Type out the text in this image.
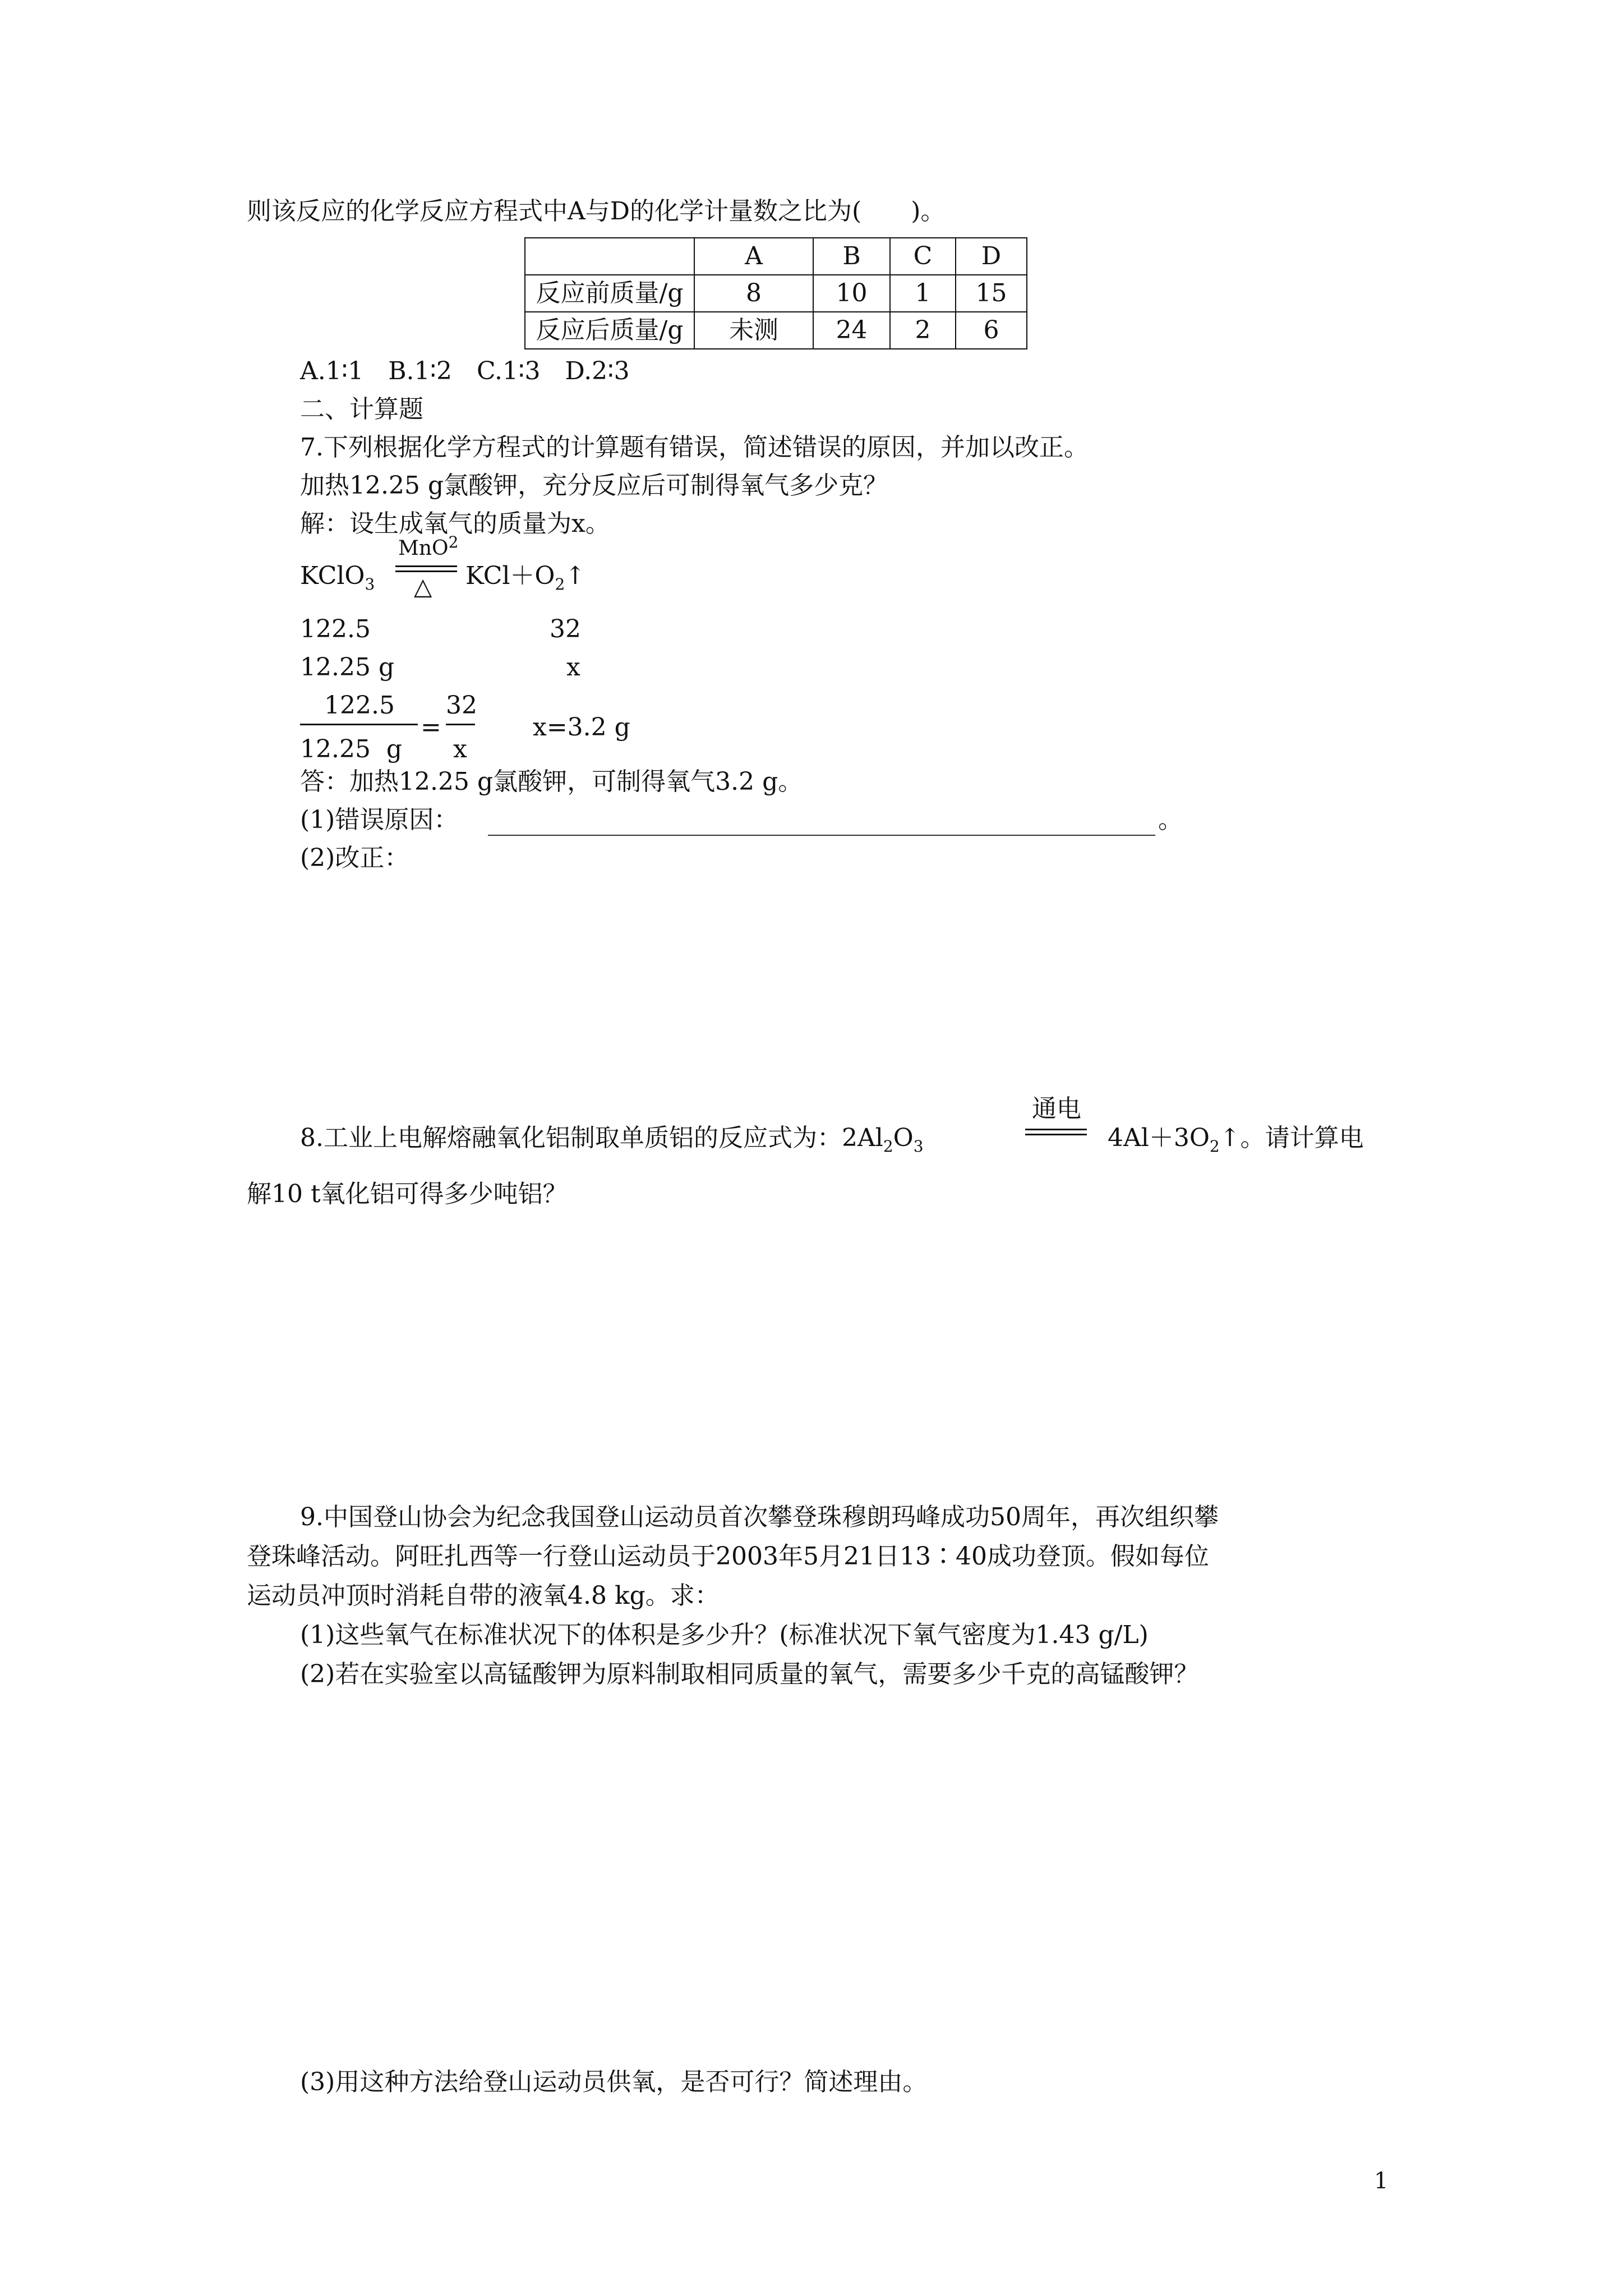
则该反应的化学反应方程式中A与D的化学计量数之比为(　　)。
	A	B	C	D
反应前质量/g	8	10	1	15
反应后质量/g	未测	24	2	6
A.1∶1　B.1∶2　C.1∶3　D.2∶3
二、计算题
7.下列根据化学方程式的计算题有错误，简述错误的原因，并加以改正。
加热12.25 g氯酸钾，充分反应后可制得氧气多少克？
解：设生成氧气的质量为x。
KClO$_3$
MnO$^2$
△ $KCl+O_2↑$
122.5	32
12.25 g	x
122.5
12.25  g
=
32
x
x=3.2 g
答：加热12.25 g氯酸钾，可制得氧气3.2 g。
(1)错误原因：	。
(2)改正：
8.工业上电解熔融氧化铝制取单质铝的反应式为：$2Al_2O_3$
通电
$4Al+3O_2↑$。请计算电
解10 t氧化铝可得多少吨铝？
9.中国登山协会为纪念我国登山运动员首次攀登珠穆朗玛峰成功50周年，再次组织攀
登珠峰活动。阿旺扎西等一行登山运动员于2003年5月21日13∶40成功登顶。假如每位
运动员冲顶时消耗自带的液氧4.8 kg。求：
(1)这些氧气在标准状况下的体积是多少升？(标准状况下氧气密度为1.43 g/L)
(2)若在实验室以高锰酸钾为原料制取相同质量的氧气，需要多少千克的高锰酸钾？
(3)用这种方法给登山运动员供氧，是否可行？简述理由。
1
